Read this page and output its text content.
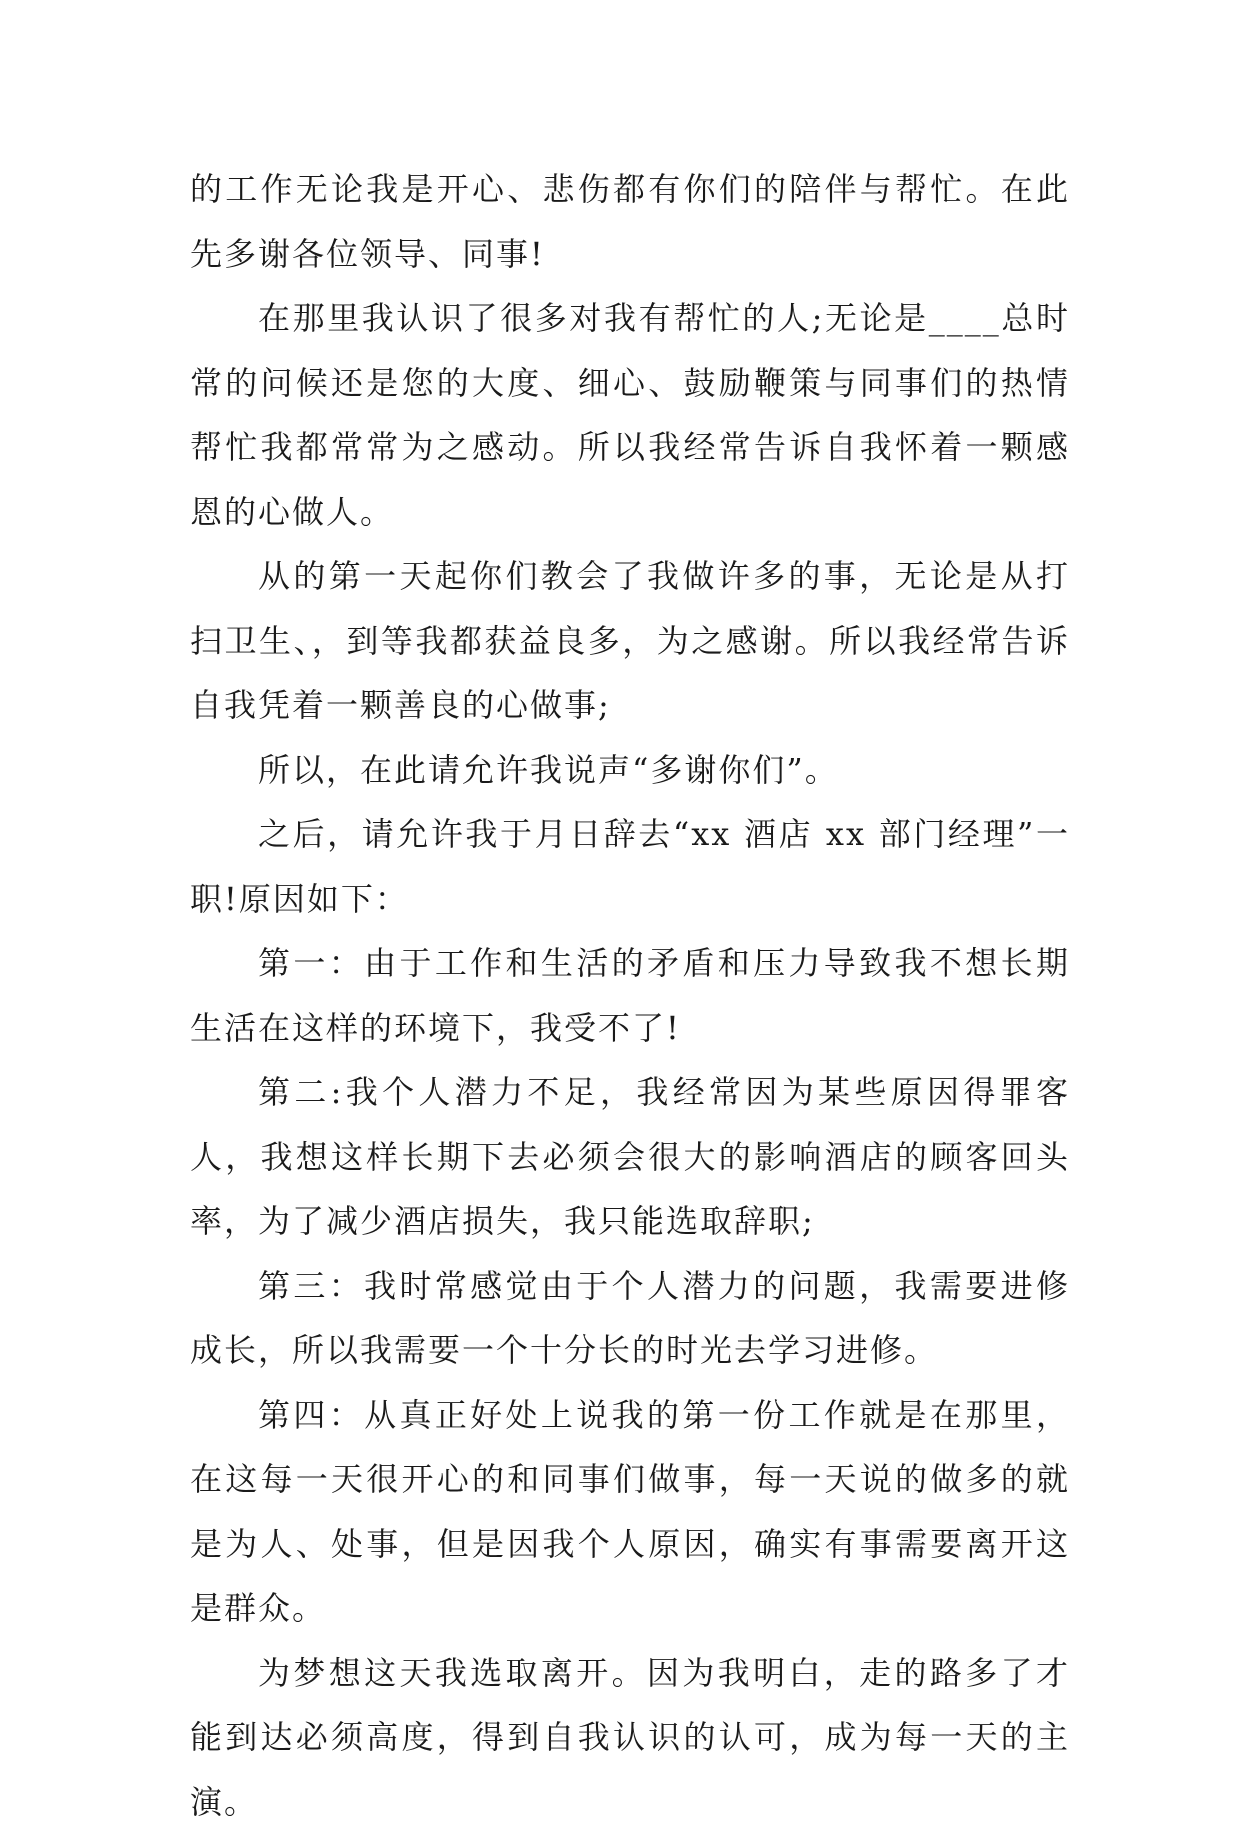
的工作无论我是开心、悲伤都有你们的陪伴与帮忙。在此先多谢各位领导、同事!

在那里我认识了很多对我有帮忙的人;无论是____总时常的问候还是您的大度、细心、鼓励鞭策与同事们的热情帮忙我都常常为之感动。所以我经常告诉自我怀着一颗感恩的心做人。

从的第一天起你们教会了我做许多的事，无论是从打扫卫生、，到等我都获益良多，为之感谢。所以我经常告诉自我凭着一颗善良的心做事;

所以，在此请允许我说声“多谢你们”。

之后，请允许我于月日辞去“xx 酒店 xx 部门经理”一职!原因如下：

第一：由于工作和生活的矛盾和压力导致我不想长期生活在这样的环境下，我受不了!

第二:我个人潜力不足，我经常因为某些原因得罪客人，我想这样长期下去必须会很大的影响酒店的顾客回头率，为了减少酒店损失，我只能选取辞职;

第三：我时常感觉由于个人潜力的问题，我需要进修成长，所以我需要一个十分长的时光去学习进修。

第四：从真正好处上说我的第一份工作就是在那里，在这每一天很开心的和同事们做事，每一天说的做多的就是为人、处事，但是因我个人原因，确实有事需要离开这是群众。

为梦想这天我选取离开。因为我明白，走的路多了才能到达必须高度，得到自我认识的认可，成为每一天的主演。
